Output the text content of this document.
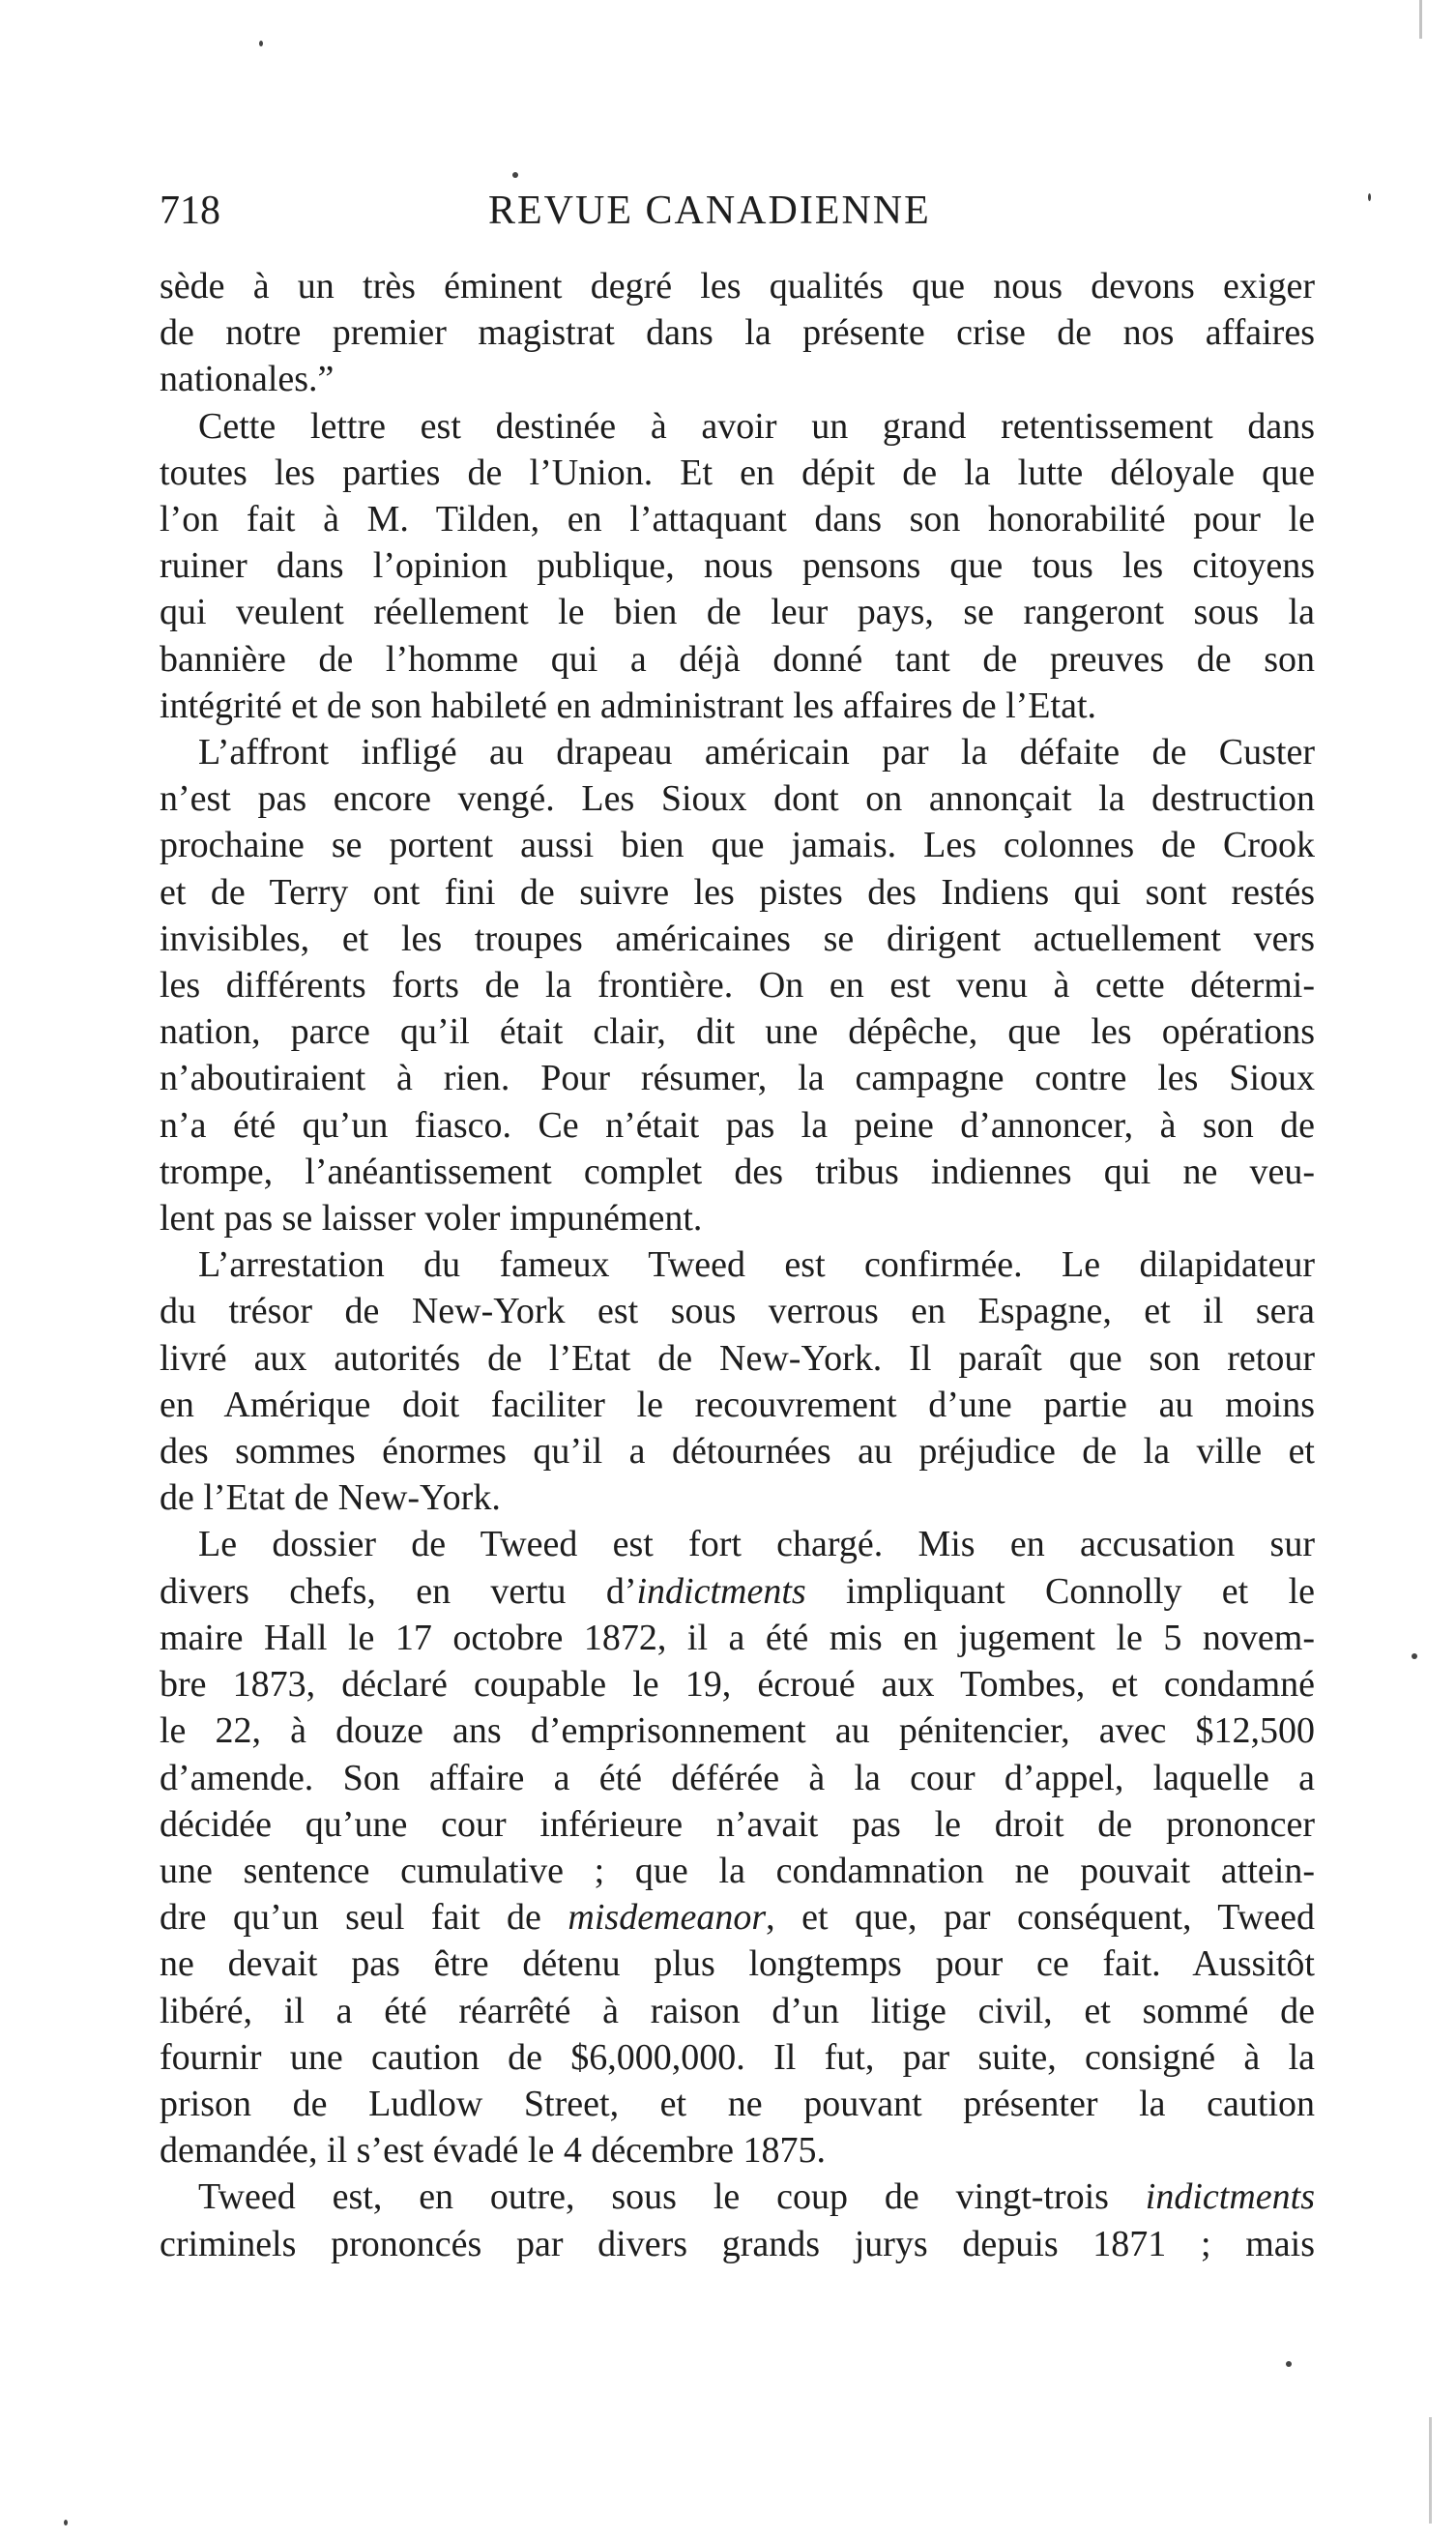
718	REVUE CANADIENNE
sède à un très éminent degré les qualités que nous devons exiger
de notre premier magistrat dans la présente crise de nos affaires
nationales.”
Cette lettre est destinée à avoir un grand retentissement dans
toutes les parties de l’Union. Et en dépit de la lutte déloyale que
l’on fait à M. Tilden, en l’attaquant dans son honorabilité pour le
ruiner dans l’opinion publique, nous pensons que tous les citoyens
qui veulent réellement le bien de leur pays, se rangeront sous la
bannière de l’homme qui a déjà donné tant de preuves de son
intégrité et de son habileté en administrant les affaires de l’Etat.
L’affront infligé au drapeau américain par la défaite de Custer
n’est pas encore vengé. Les Sioux dont on annonçait la destruction
prochaine se portent aussi bien que jamais. Les colonnes de Crook
et de Terry ont fini de suivre les pistes des Indiens qui sont restés
invisibles, et les troupes américaines se dirigent actuellement vers
les différents forts de la frontière. On en est venu à cette détermi-
nation, parce qu’il était clair, dit une dépêche, que les opérations
n’aboutiraient à rien. Pour résumer, la campagne contre les Sioux
n’a été qu’un fiasco. Ce n’était pas la peine d’annoncer, à son de
trompe, l’anéantissement complet des tribus indiennes qui ne veu-
lent pas se laisser voler impunément.
L’arrestation du fameux Tweed est confirmée. Le dilapidateur
du trésor de New-York est sous verrous en Espagne, et il sera
livré aux autorités de l’Etat de New-York. Il paraît que son retour
en Amérique doit faciliter le recouvrement d’une partie au moins
des sommes énormes qu’il a détournées au préjudice de la ville et
de l’Etat de New-York.
Le dossier de Tweed est fort chargé. Mis en accusation sur
divers chefs, en vertu d’indictments impliquant Connolly et le
maire Hall le 17 octobre 1872, il a été mis en jugement le 5 novem-
bre 1873, déclaré coupable le 19, écroué aux Tombes, et condamné
le 22, à douze ans d’emprisonnement au pénitencier, avec $12,500
d’amende. Son affaire a été déférée à la cour d’appel, laquelle a
décidée qu’une cour inférieure n’avait pas le droit de prononcer
une sentence cumulative ; que la condamnation ne pouvait attein-
dre qu’un seul fait de misdemeanor, et que, par conséquent, Tweed
ne devait pas être détenu plus longtemps pour ce fait. Aussitôt
libéré, il a été réarrêté à raison d’un litige civil, et sommé de
fournir une caution de $6,000,000. Il fut, par suite, consigné à la
prison de Ludlow Street, et ne pouvant présenter la caution
demandée, il s’est évadé le 4 décembre 1875.
Tweed est, en outre, sous le coup de vingt-trois indictments
criminels prononcés par divers grands jurys depuis 1871 ; mais
